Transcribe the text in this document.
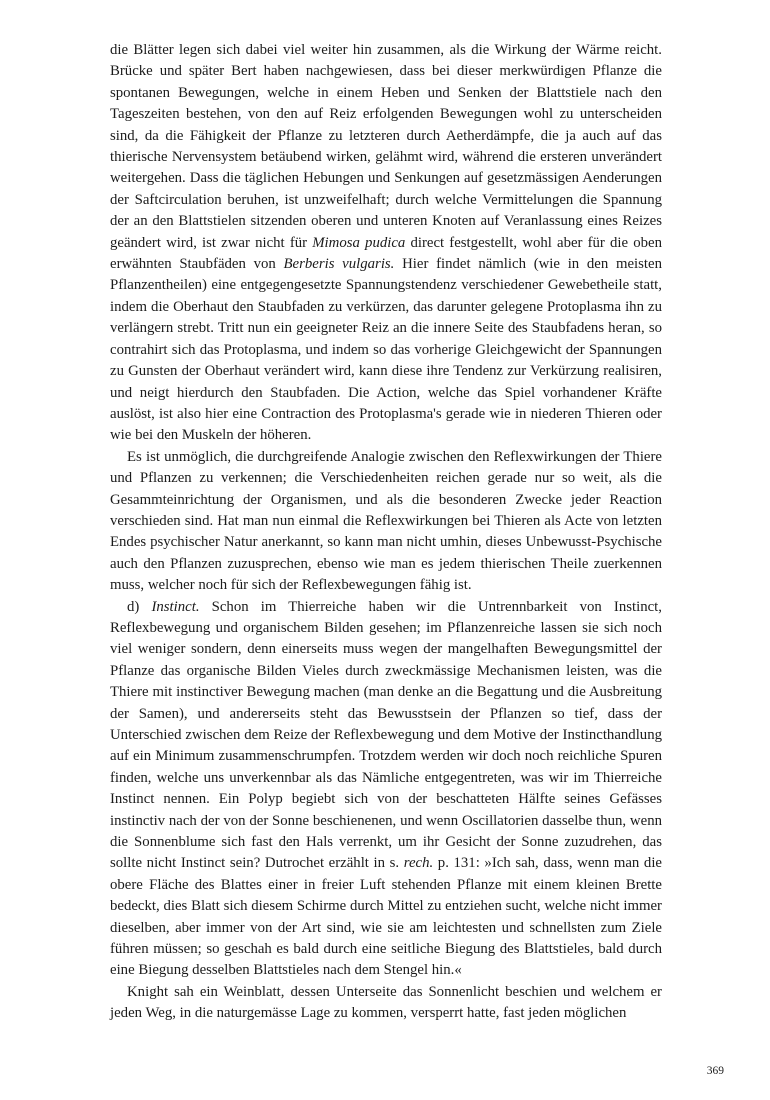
die Blätter legen sich dabei viel weiter hin zusammen, als die Wirkung der Wärme reicht. Brücke und später Bert haben nachgewiesen, dass bei dieser merkwürdigen Pflanze die spontanen Bewegungen, welche in einem Heben und Senken der Blattstiele nach den Tageszeiten bestehen, von den auf Reiz erfolgenden Bewegungen wohl zu unterscheiden sind, da die Fähigkeit der Pflanze zu letzteren durch Aetherdämpfe, die ja auch auf das thierische Nervensystem betäubend wirken, gelähmt wird, während die ersteren unverändert weitergehen. Dass die täglichen Hebungen und Senkungen auf gesetzmässigen Aenderungen der Saftcirculation beruhen, ist unzweifelhaft; durch welche Vermittelungen die Spannung der an den Blattstielen sitzenden oberen und unteren Knoten auf Veranlassung eines Reizes geändert wird, ist zwar nicht für Mimosa pudica direct festgestellt, wohl aber für die oben erwähnten Staubfäden von Berberis vulgaris. Hier findet nämlich (wie in den meisten Pflanzentheilen) eine entgegengesetzte Spannungstendenz verschiedener Gewebetheile statt, indem die Oberhaut den Staubfaden zu verkürzen, das darunter gelegene Protoplasma ihn zu verlängern strebt. Tritt nun ein geeigneter Reiz an die innere Seite des Staubfadens heran, so contrahirt sich das Protoplasma, und indem so das vorherige Gleichgewicht der Spannungen zu Gunsten der Oberhaut verändert wird, kann diese ihre Tendenz zur Verkürzung realisiren, und neigt hierdurch den Staubfaden. Die Action, welche das Spiel vorhandener Kräfte auslöst, ist also hier eine Contraction des Protoplasma's gerade wie in niederen Thieren oder wie bei den Muskeln der höheren.

Es ist unmöglich, die durchgreifende Analogie zwischen den Reflexwirkungen der Thiere und Pflanzen zu verkennen; die Verschiedenheiten reichen gerade nur so weit, als die Gesammteinrichtung der Organismen, und als die besonderen Zwecke jeder Reaction verschieden sind. Hat man nun einmal die Reflexwirkungen bei Thieren als Acte von letzten Endes psychischer Natur anerkannt, so kann man nicht umhin, dieses Unbewusst-Psychische auch den Pflanzen zuzusprechen, ebenso wie man es jedem thierischen Theile zuerkennen muss, welcher noch für sich der Reflexbewegungen fähig ist.

d) Instinct. Schon im Thierreiche haben wir die Untrennbarkeit von Instinct, Reflexbewegung und organischem Bilden gesehen; im Pflanzenreiche lassen sie sich noch viel weniger sondern, denn einerseits muss wegen der mangelhaften Bewegungsmittel der Pflanze das organische Bilden Vieles durch zweckmässige Mechanismen leisten, was die Thiere mit instinctiver Bewegung machen (man denke an die Begattung und die Ausbreitung der Samen), und andererseits steht das Bewusstsein der Pflanzen so tief, dass der Unterschied zwischen dem Reize der Reflexbewegung und dem Motive der Instincthandlung auf ein Minimum zusammenschrumpfen. Trotzdem werden wir doch noch reichliche Spuren finden, welche uns unverkennbar als das Nämliche entgegentreten, was wir im Thierreiche Instinct nennen. Ein Polyp begiebt sich von der beschatteten Hälfte seines Gefässes instinctiv nach der von der Sonne beschienenen, und wenn Oscillatorien dasselbe thun, wenn die Sonnenblume sich fast den Hals verrenkt, um ihr Gesicht der Sonne zuzudrehen, das sollte nicht Instinct sein? Dutrochet erzählt in s. rech. p. 131: »Ich sah, dass, wenn man die obere Fläche des Blattes einer in freier Luft stehenden Pflanze mit einem kleinen Brette bedeckt, dies Blatt sich diesem Schirme durch Mittel zu entziehen sucht, welche nicht immer dieselben, aber immer von der Art sind, wie sie am leichtesten und schnellsten zum Ziele führen müssen; so geschah es bald durch eine seitliche Biegung des Blattstieles, bald durch eine Biegung desselben Blattstieles nach dem Stengel hin.«

Knight sah ein Weinblatt, dessen Unterseite das Sonnenlicht beschien und welchem er jeden Weg, in die naturgemässe Lage zu kommen, versperrt hatte, fast jeden möglichen

369
